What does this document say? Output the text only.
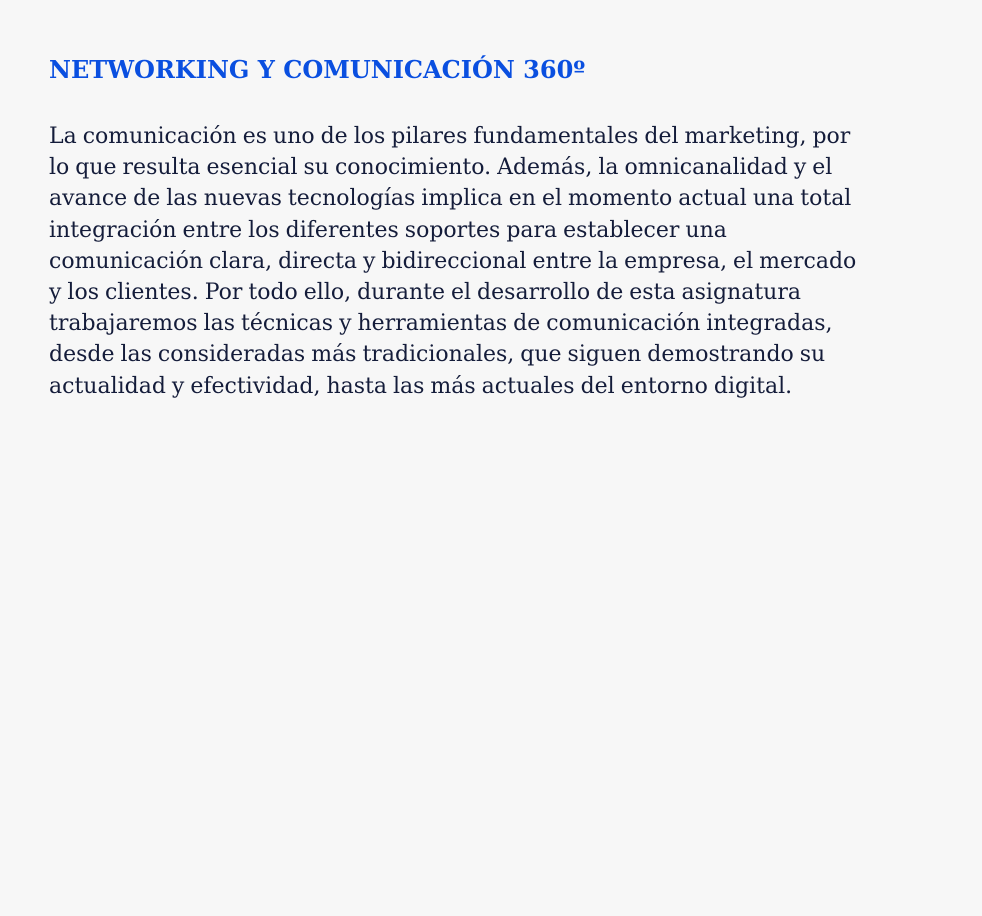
NETWORKING Y COMUNICACIÓN 360º

La comunicación es uno de los pilares fundamentales del marketing, por lo que resulta esencial su conocimiento. Además, la omnicanalidad y el avance de las nuevas tecnologías implica en el momento actual una total integración entre los diferentes soportes para establecer una comunicación clara, directa y bidireccional entre la empresa, el mercado y los clientes. Por todo ello, durante el desarrollo de esta asignatura trabajaremos las técnicas y herramientas de comunicación integradas, desde las consideradas más tradicionales, que siguen demostrando su actualidad y efectividad, hasta las más actuales del entorno digital.
